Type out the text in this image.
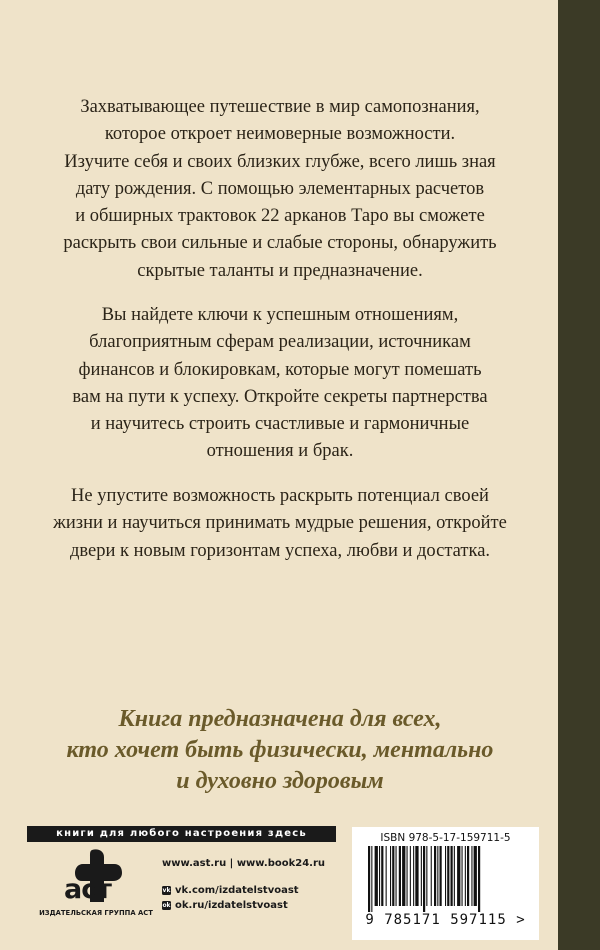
Захватывающее путешествие в мир самопознания,
которое откроет неимоверные возможности.
Изучите себя и своих близких глубже, всего лишь зная
дату рождения. С помощью элементарных расчетов
и обширных трактовок 22 арканов Таро вы сможете
раскрыть свои сильные и слабые стороны, обнаружить
скрытые таланты и предназначение.
Вы найдете ключи к успешным отношениям,
благоприятным сферам реализации, источникам
финансов и блокировкам, которые могут помешать
вам на пути к успеху. Откройте секреты партнерства
и научитесь строить счастливые и гармоничные
отношения и брак.
Не упустите возможность раскрыть потенциал своей
жизни и научиться принимать мудрые решения, откройте
двери к новым горизонтам успеха, любви и достатка.
Книга предназначена для всех,
кто хочет быть физически, ментально
и духовно здоровым
книги для любого настроения здесь
аст
ИЗДАТЕЛЬСКАЯ ГРУППА АСТ
www.ast.ru | www.book24.ru
vk vk.com/izdatelstvoast
ok ok.ru/izdatelstvoast
ISBN 978-5-17-159711-5
9 785171 597115 >
